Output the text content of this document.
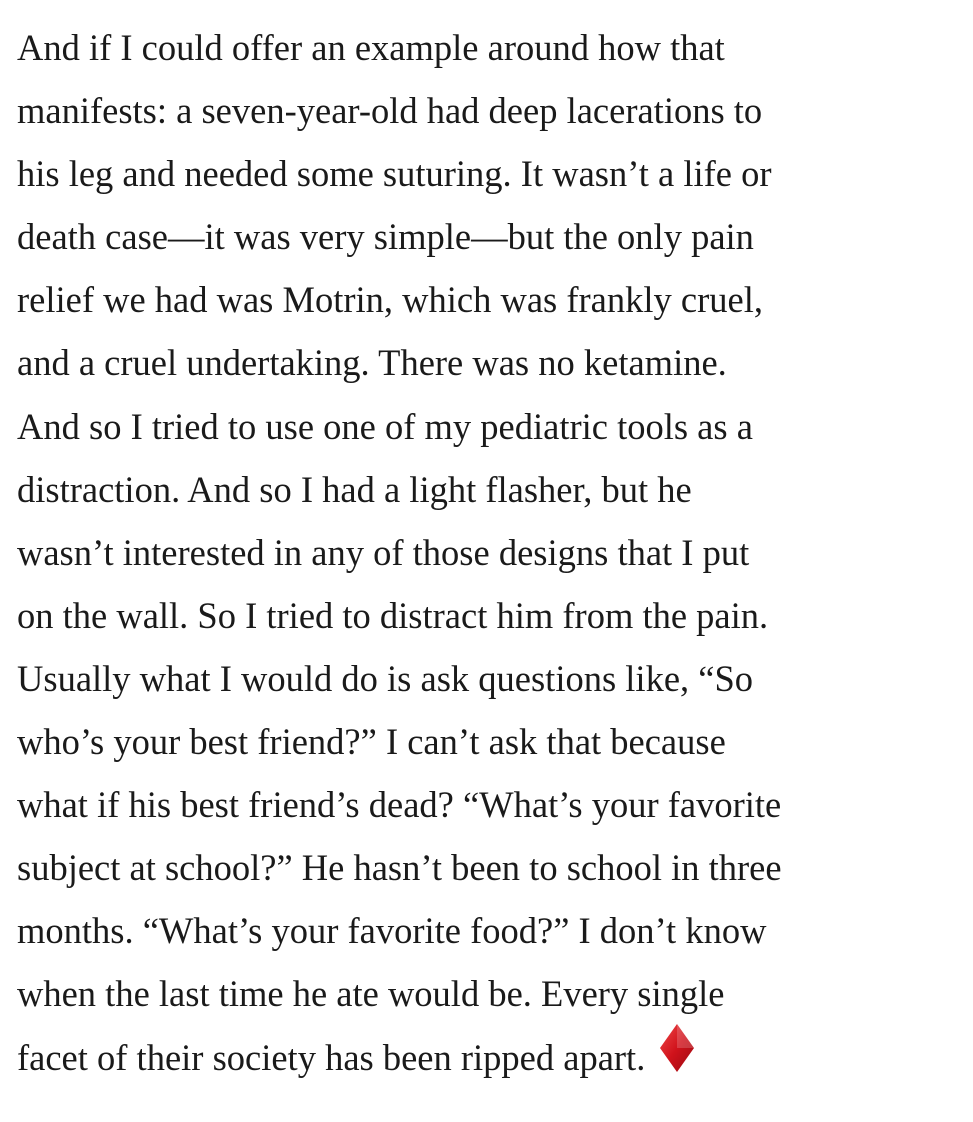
And if I could offer an example around how that
manifests: a seven-year-old had deep lacerations to
his leg and needed some suturing. It wasn’t a life or
death case—it was very simple—but the only pain
relief we had was Motrin, which was frankly cruel,
and a cruel undertaking. There was no ketamine.
And so I tried to use one of my pediatric tools as a
distraction. And so I had a light flasher, but he
wasn’t interested in any of those designs that I put
on the wall. So I tried to distract him from the pain.
Usually what I would do is ask questions like, “So
who’s your best friend?” I can’t ask that because
what if his best friend’s dead? “What’s your favorite
subject at school?” He hasn’t been to school in three
months. “What’s your favorite food?” I don’t know
when the last time he ate would be. Every single
facet of their society has been ripped apart.
